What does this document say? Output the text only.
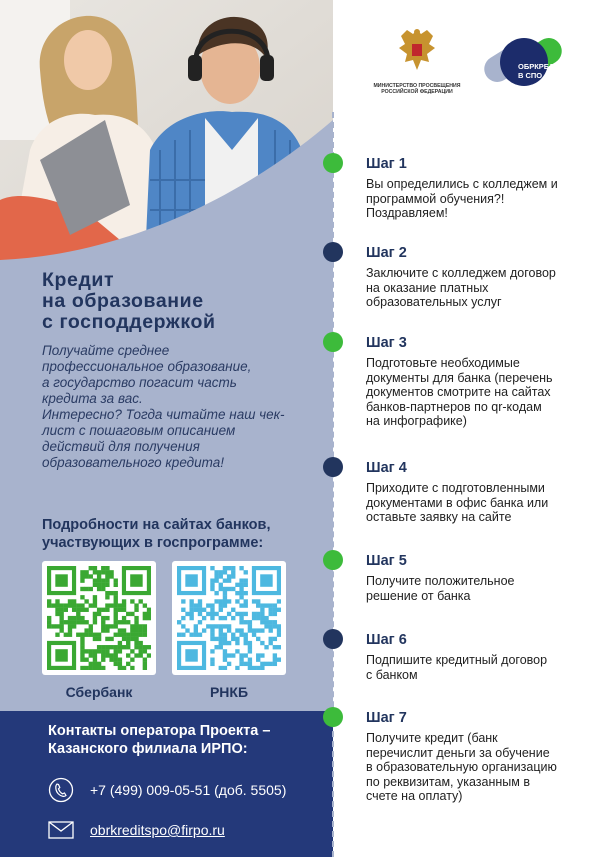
Кредит
на образование
с господдержкой

Получайте среднее

профессиональное образование,

а государство погасит часть

кредита за вас.

Интересно? Тогда читайте наш чек-

лист с пошаговым описанием

действий для получения

образовательного кредита!

Подробности на сайтах банков,
участвующих в госпрограмме:
Сбербанк	РНКБ
Контакты оператора Проекта –
Казанского филиала ИРПО:
+7 (499) 009-05-51 (доб. 5505)
obrkreditspo@firpo.ru
МИНИСТЕРСТВО ПРОСВЕЩЕНИЯ РОССИЙСКОЙ ФЕДЕРАЦИИ
ОБРКРЕДИТ
В СПО
Шаг 1
Вы определились с колледжем и
программой обучения?!
Поздравляем!
Шаг 2
Заключите с колледжем договор
на оказание платных
образовательных услуг
Шаг 3
Подготовьте необходимые
документы для банка (перечень
документов смотрите на сайтах
банков-партнеров по qr-кодам
на инфографике)
Шаг 4
Приходите с подготовленными
документами в офис банка или
оставьте заявку на сайте
Шаг 5
Получите положительное
решение от банка
Шаг 6
Подпишите кредитный договор
с банком
Шаг 7
Получите кредит (банк
перечислит деньги за обучение
в образовательную организацию
по реквизитам, указанным в
счете на оплату)
